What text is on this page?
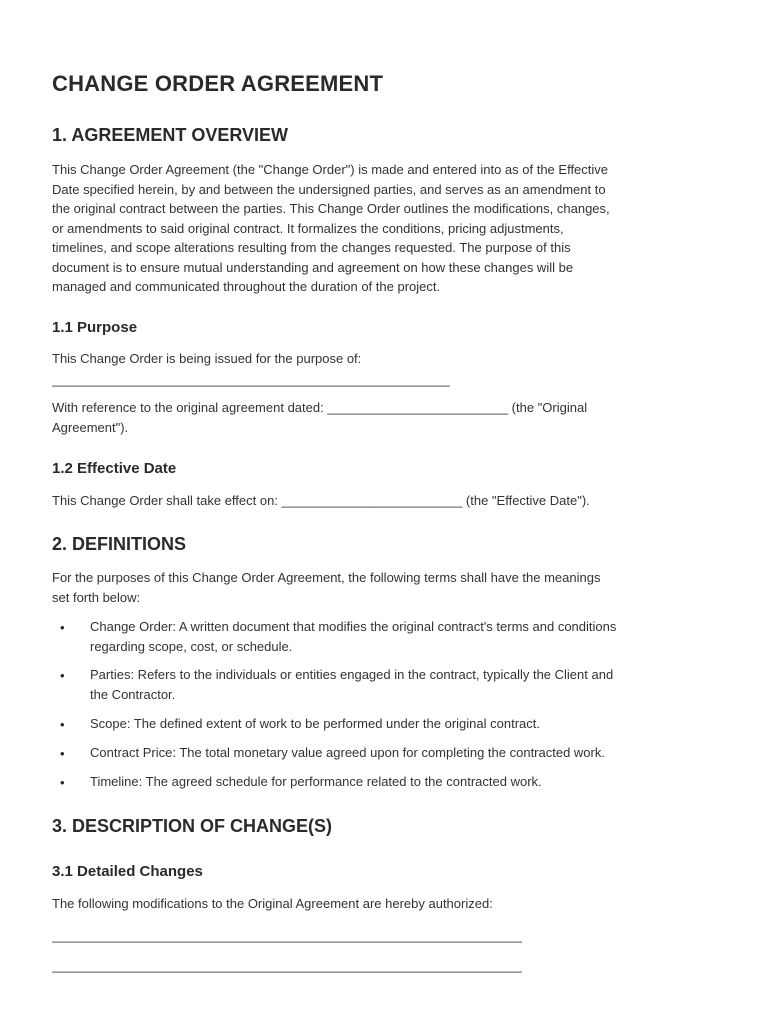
CHANGE ORDER AGREEMENT
1. AGREEMENT OVERVIEW
This Change Order Agreement (the "Change Order") is made and entered into as of the Effective
Date specified herein, by and between the undersigned parties, and serves as an amendment to
the original contract between the parties. This Change Order outlines the modifications, changes,
or amendments to said original contract. It formalizes the conditions, pricing adjustments,
timelines, and scope alterations resulting from the changes requested. The purpose of this
document is to ensure mutual understanding and agreement on how these changes will be
managed and communicated throughout the duration of the project.
1.1 Purpose
This Change Order is being issued for the purpose of:
_______________________________________________________
With reference to the original agreement dated: _________________________ (the "Original
Agreement").
1.2 Effective Date
This Change Order shall take effect on: _________________________ (the "Effective Date").
2. DEFINITIONS
For the purposes of this Change Order Agreement, the following terms shall have the meanings
set forth below:
• Change Order: A written document that modifies the original contract's terms and conditions
regarding scope, cost, or schedule.
• Parties: Refers to the individuals or entities engaged in the contract, typically the Client and
the Contractor.
• Scope: The defined extent of work to be performed under the original contract.
• Contract Price: The total monetary value agreed upon for completing the contracted work.
• Timeline: The agreed schedule for performance related to the contracted work.
3. DESCRIPTION OF CHANGE(S)
3.1 Detailed Changes
The following modifications to the Original Agreement are hereby authorized:
_________________________________________________________________
_________________________________________________________________
